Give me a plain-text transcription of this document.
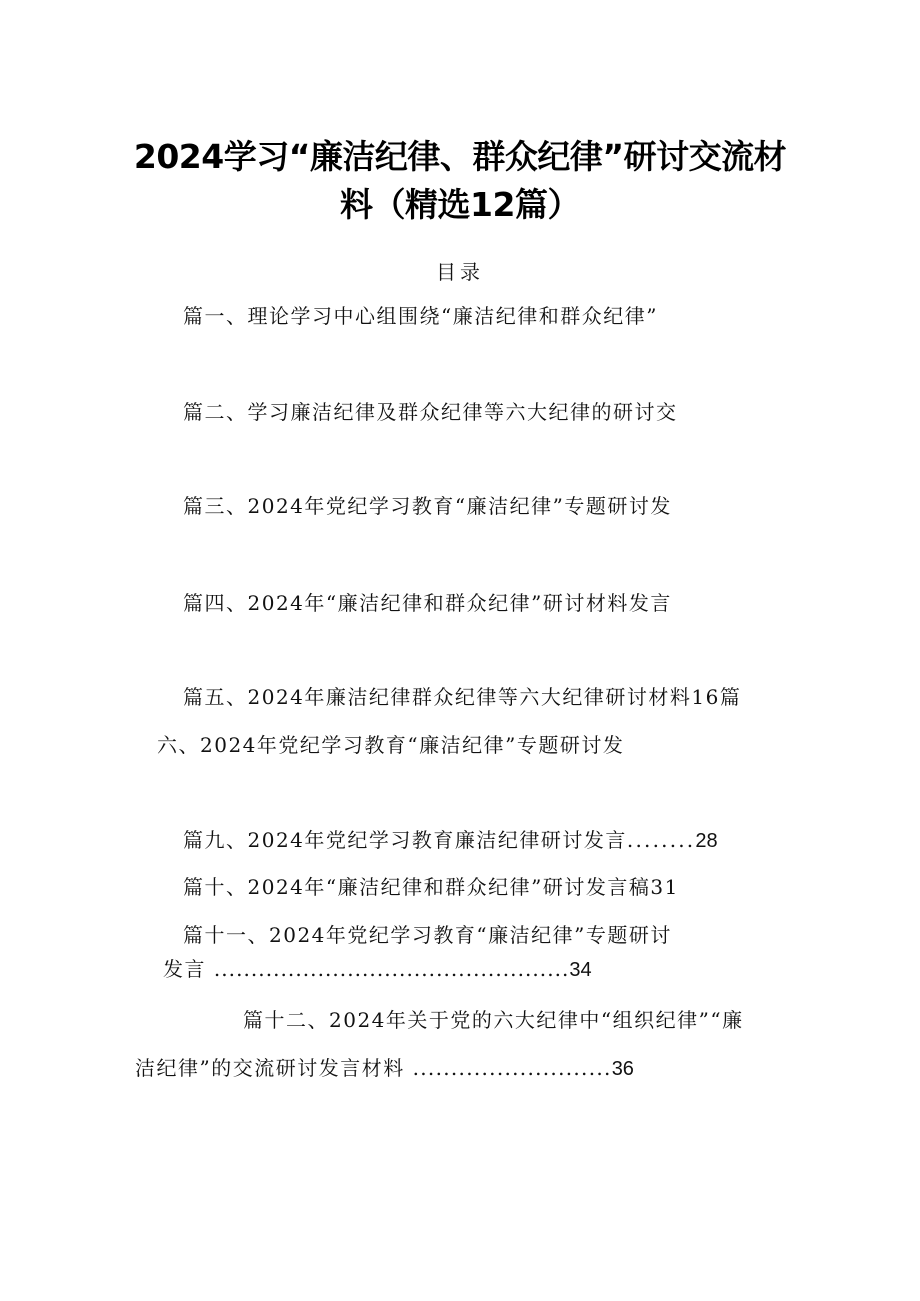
2024学习“廉洁纪律、群众纪律”研讨交流材
料（精选12篇）
目录
篇一、理论学习中心组围绕“廉洁纪律和群众纪律”
篇二、学习廉洁纪律及群众纪律等六大纪律的研讨交
篇三、2024年党纪学习教育“廉洁纪律”专题研讨发
篇四、2024年“廉洁纪律和群众纪律”研讨材料发言
篇五、2024年廉洁纪律群众纪律等六大纪律研讨材料16篇
六、2024年党纪学习教育“廉洁纪律”专题研讨发
篇九、2024年党纪学习教育廉洁纪律研讨发言........28
篇十、2024年“廉洁纪律和群众纪律”研讨发言稿31
篇十一、2024年党纪学习教育“廉洁纪律”专题研讨
发言 ................................................34
篇十二、2024年关于党的六大纪律中“组织纪律”“廉
洁纪律”的交流研讨发言材料 ..........................36
